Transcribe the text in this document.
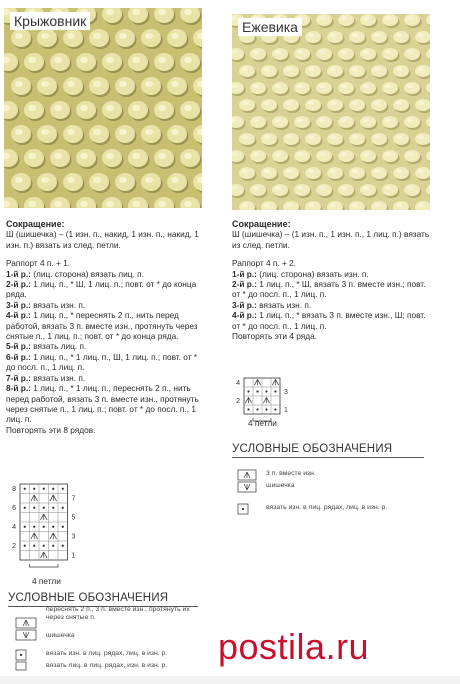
Крыжовник

Сокращение:

Ш (шишечка) – (1 изн. п., накид, 1 изн. п., накид, 1 изн. п.) вязать из след. петли.

Раппорт 4 п. + 1.

1-й р.: (лиц. сторона) вязать лиц. п.

2-й р.: 1 лиц. п., * Ш, 1 лиц. п.; повт. от * до конца ряда.

3-й р.: вязать изн. п.

4-й р.: 1 лиц. п., * переснять 2 п., нить перед работой, вязать 3 п. вместе изн., протянуть через снятые п., 1 лиц. п.; повт. от * до конца ряда.

5-й р.: вязать лиц. п.

6-й р.: 1 лиц. п., * 1 лиц. п., Ш, 1 лиц. п.; повт. от * до посл. п., 1 лиц. п.

7-й р.: вязать изн. п.

8-й р.: 1 лиц. п., * 1 лиц. п., переснять 2 п., нить перед работой, вязать 3 п. вместе изн., протянуть через снятые п., 1 лиц. п.; повт. от * до посл. п., 1 лиц. п.

Повторять эти 8 рядов.

8
6
4
2
7
5
3
1
4 петли
УСЛОВНЫЕ ОБОЗНАЧЕНИЯ
переснять 2 п., 3 п. вместе изн., протянуть их через снятые п.
шишечка
вязать изн. в лиц. рядах, лиц. в изн. р.
вязать лиц. в лиц. рядах, изн. в изн. р.
Ежевика

Сокращение:

Ш (шишечка) – (1 изн. п., 1 изн. п., 1 лиц. п.) вязать из след. петли.

Раппорт 4 п. + 2.

1-й р.: (лиц. сторона) вязать изн. п.

2-й р.: 1 лиц. п., * Ш, вязать 3 п. вместе изн.; повт. от * до посл. п., 1 лиц. п.

3-й р.: вязать изн. п.

4-й р.: 1 лиц. п., * вязать 3 п. вместе изн., Ш; повт. от * до посл. п., 1 лиц. п.

Повторять эти 4 ряда.

4
2
3
1
4 петли
УСЛОВНЫЕ ОБОЗНАЧЕНИЯ
3 п. вместе изн.
шишечка
вязать изн. в лиц. рядах, лиц. в изн. р.
postila.ru
